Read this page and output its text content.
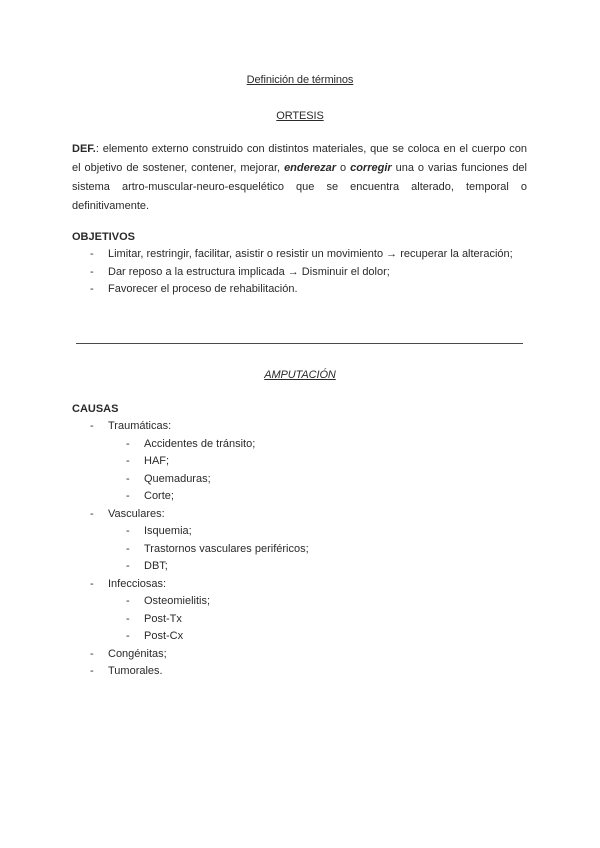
Definición de términos
ORTESIS
DEF.: elemento externo construido con distintos materiales, que se coloca en el cuerpo con el objetivo de sostener, contener, mejorar, enderezar o corregir una o varias funciones del sistema artro-muscular-neuro-esquelético que se encuentra alterado, temporal o definitivamente.
OBJETIVOS
- Limitar, restringir, facilitar, asistir o resistir un movimiento → recuperar la alteración;
- Dar reposo a la estructura implicada → Disminuir el dolor;
- Favorecer el proceso de rehabilitación.
AMPUTACIÓN
CAUSAS
- Traumáticas:
- Accidentes de tránsito;
- HAF;
- Quemaduras;
- Corte;
- Vasculares:
- Isquemia;
- Trastornos vasculares periféricos;
- DBT;
- Infecciosas:
- Osteomielitis;
- Post-Tx
- Post-Cx
- Congénitas;
- Tumorales.
